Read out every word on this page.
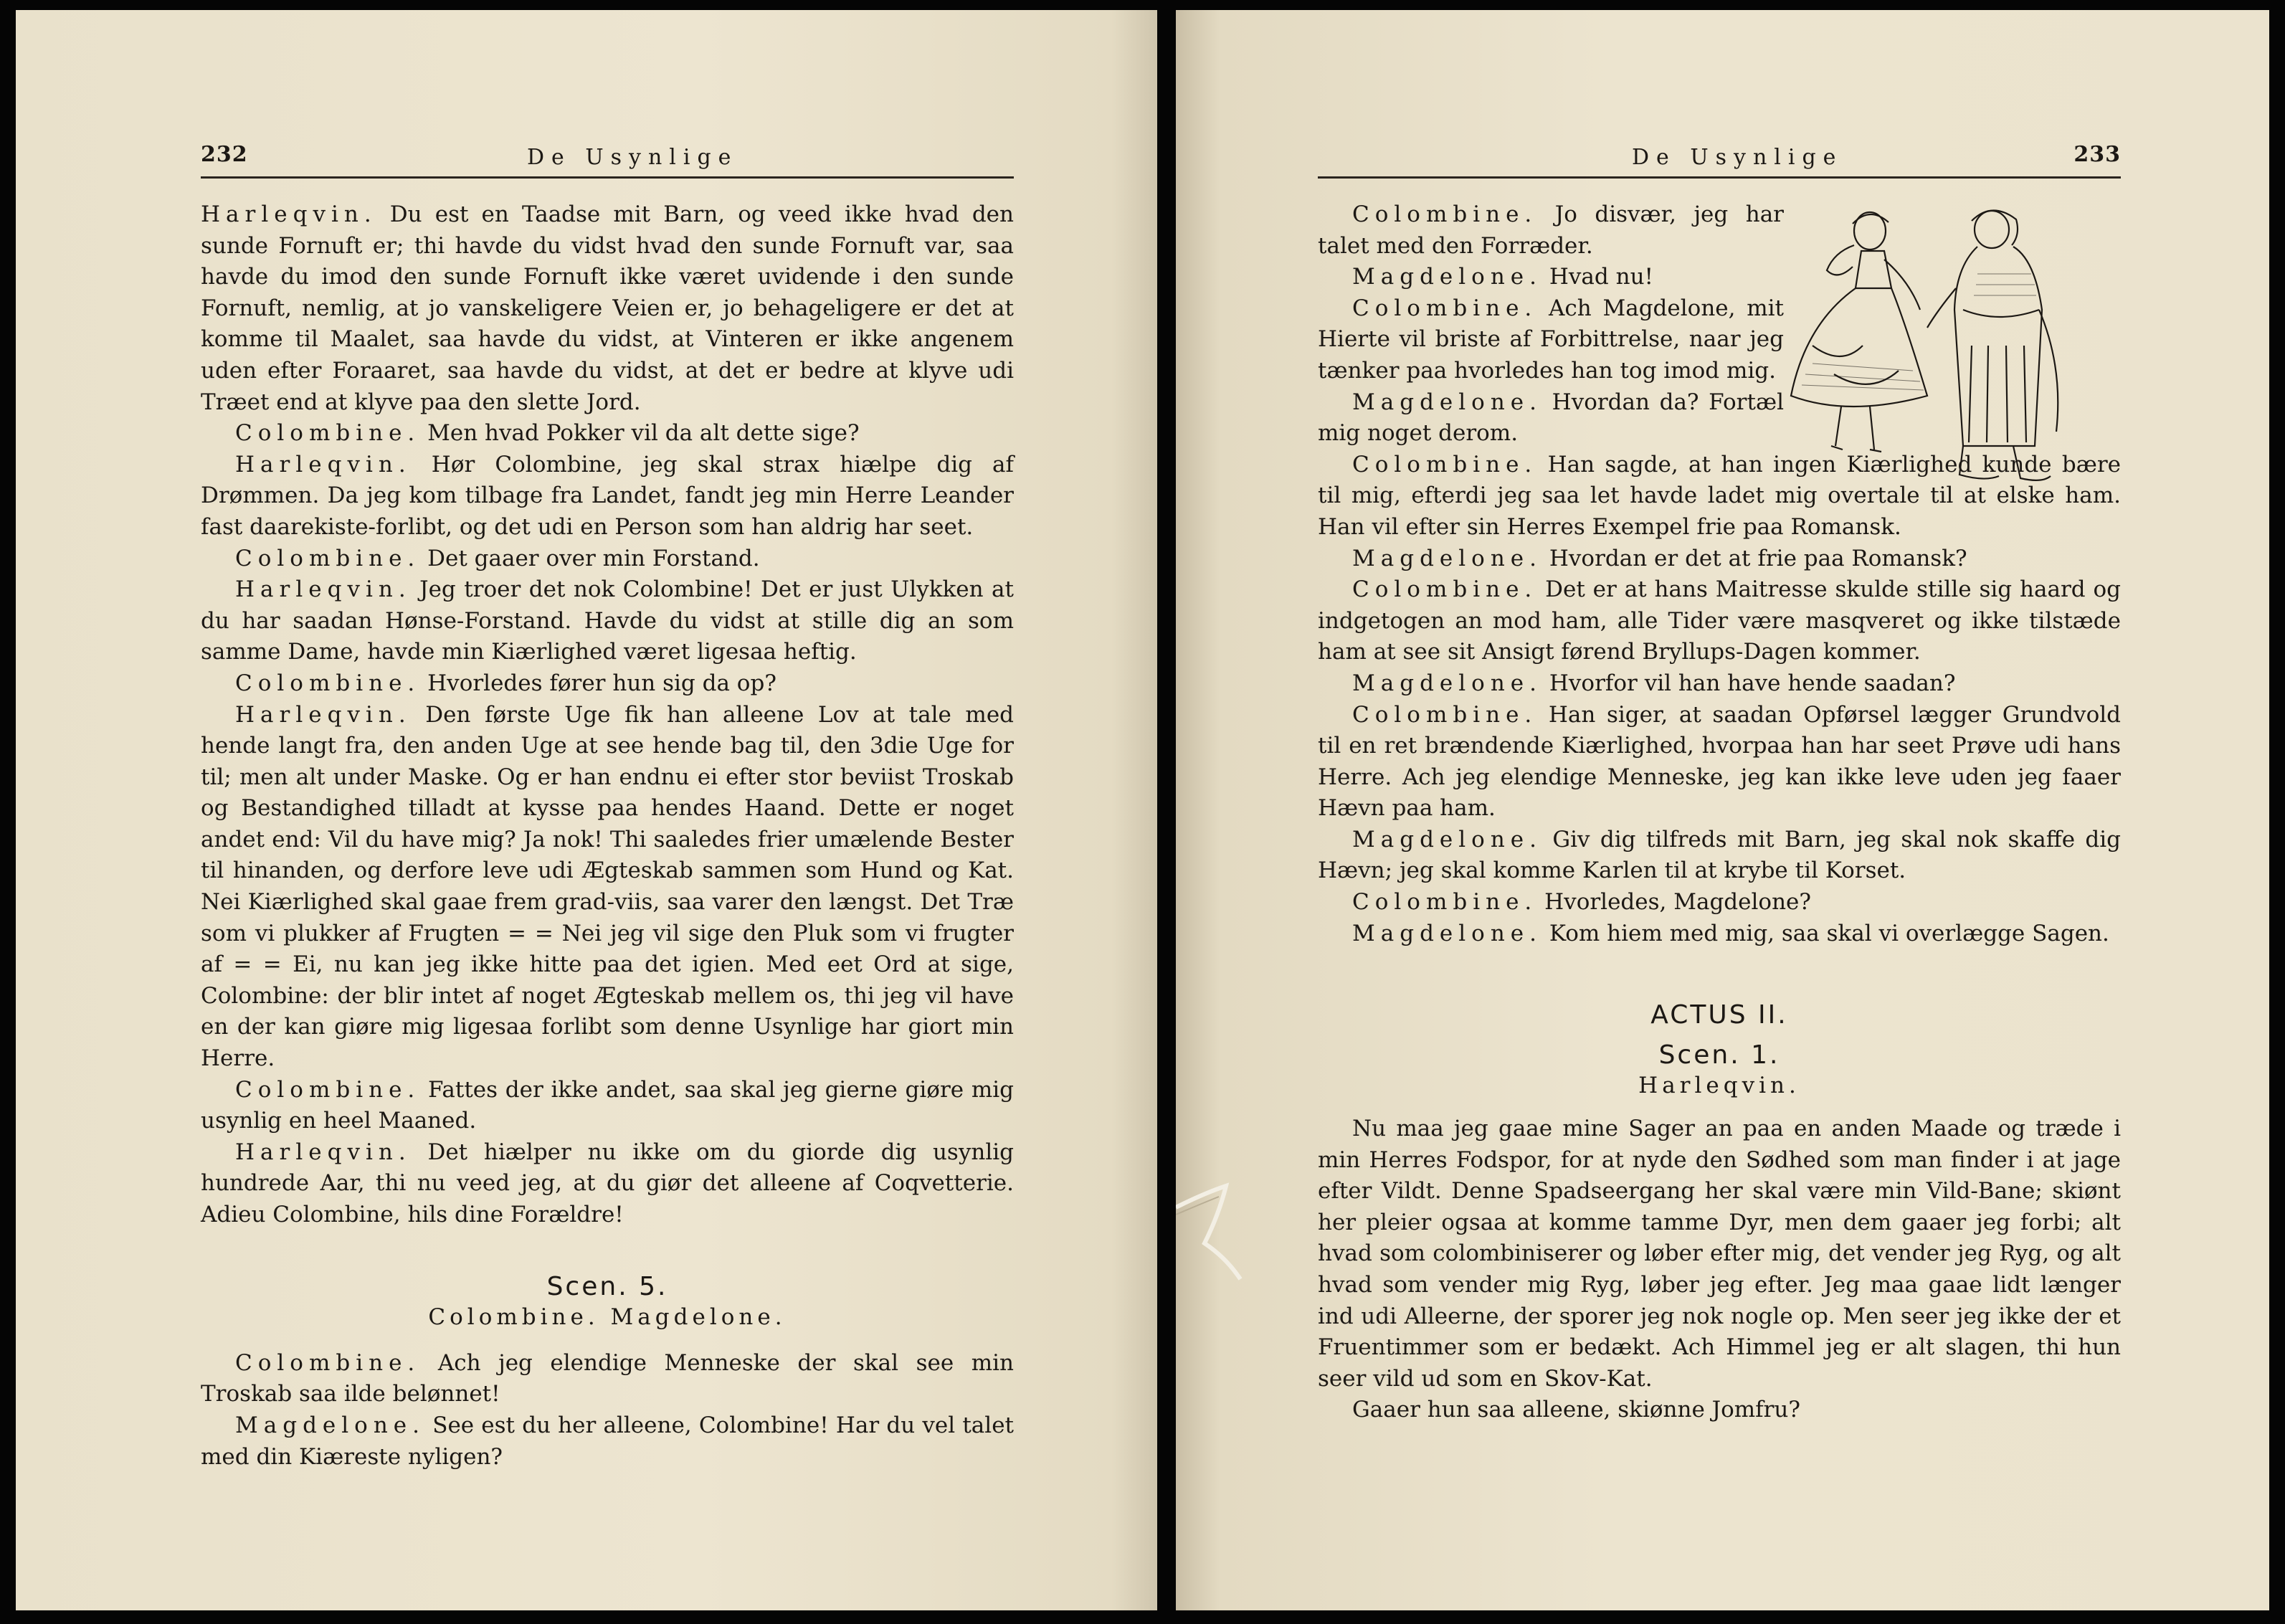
232	De Usynlige

Harleqvin. Du est en Taadse mit Barn, og veed ikke hvad den sunde Fornuft er; thi havde du vidst hvad den sunde Fornuft var, saa havde du imod den sunde Fornuft ikke været uvidende i den sunde Fornuft, nemlig, at jo vanskeligere Veien er, jo behageligere er det at komme til Maalet, saa havde du vidst, at Vinteren er ikke angenem uden efter Foraaret, saa havde du vidst, at det er bedre at klyve udi Træet end at klyve paa den slette Jord.

Colombine. Men hvad Pokker vil da alt dette sige?

Harleqvin. Hør Colombine, jeg skal strax hiælpe dig af Drømmen. Da jeg kom tilbage fra Landet, fandt jeg min Herre Leander fast daarekiste-forlibt, og det udi en Person som han aldrig har seet.

Colombine. Det gaaer over min Forstand.

Harleqvin. Jeg troer det nok Colombine! Det er just Ulykken at du har saadan Hønse-Forstand. Havde du vidst at stille dig an som samme Dame, havde min Kiærlighed været ligesaa heftig.

Colombine. Hvorledes fører hun sig da op?

Harleqvin. Den første Uge fik han alleene Lov at tale med hende langt fra, den anden Uge at see hende bag til, den 3die Uge for til; men alt under Maske. Og er han endnu ei efter stor beviist Troskab og Bestandighed tilladt at kysse paa hendes Haand. Dette er noget andet end: Vil du have mig? Ja nok! Thi saaledes frier umælende Bester til hinanden, og derfore leve udi Ægteskab sammen som Hund og Kat. Nei Kiærlighed skal gaae frem grad-viis, saa varer den længst. Det Træ som vi plukker af Frugten = = Nei jeg vil sige den Pluk som vi frugter af = = Ei, nu kan jeg ikke hitte paa det igien. Med eet Ord at sige, Colombine: der blir intet af noget Ægteskab mellem os, thi jeg vil have en der kan giøre mig ligesaa forlibt som denne Usynlige har giort min Herre.

Colombine. Fattes der ikke andet, saa skal jeg gierne giøre mig usynlig en heel Maaned.

Harleqvin. Det hiælper nu ikke om du giorde dig usynlig hundrede Aar, thi nu veed jeg, at du giør det alleene af Coqvetterie. Adieu Colombine, hils dine Forældre!

Scen. 5.

Colombine. Magdelone.

Colombine. Ach jeg elendige Menneske der skal see min Troskab saa ilde belønnet!

Magdelone. See est du her alleene, Colombine! Har du vel talet med din Kiæreste nyligen?

De Usynlige	233

Colombine. Jo disvær, jeg har talet med den Forræder.

Magdelone. Hvad nu!

Colombine. Ach Magdelone, mit Hierte vil briste af Forbittrelse, naar jeg tænker paa hvorledes han tog imod mig.

Magdelone. Hvordan da? Fortæl mig noget derom.

Colombine. Han sagde, at han ingen Kiærlighed kunde bære til mig, efterdi jeg saa let havde ladet mig overtale til at elske ham. Han vil efter sin Herres Exempel frie paa Romansk.

Magdelone. Hvordan er det at frie paa Romansk?

Colombine. Det er at hans Maitresse skulde stille sig haard og indgetogen an mod ham, alle Tider være masqveret og ikke tilstæde ham at see sit Ansigt førend Bryllups-Dagen kommer.

Magdelone. Hvorfor vil han have hende saadan?

Colombine. Han siger, at saadan Opførsel lægger Grundvold til en ret brændende Kiærlighed, hvorpaa han har seet Prøve udi hans Herre. Ach jeg elendige Menneske, jeg kan ikke leve uden jeg faaer Hævn paa ham.

Magdelone. Giv dig tilfreds mit Barn, jeg skal nok skaffe dig Hævn; jeg skal komme Karlen til at krybe til Korset.

Colombine. Hvorledes, Magdelone?

Magdelone. Kom hiem med mig, saa skal vi overlægge Sagen.

ACTUS II.

Scen. 1.

Harleqvin.

Nu maa jeg gaae mine Sager an paa en anden Maade og træde i min Herres Fodspor, for at nyde den Sødhed som man finder i at jage efter Vildt. Denne Spadseergang her skal være min Vild-Bane; skiønt her pleier ogsaa at komme tamme Dyr, men dem gaaer jeg forbi; alt hvad som colombiniserer og løber efter mig, det vender jeg Ryg, og alt hvad som vender mig Ryg, løber jeg efter. Jeg maa gaae lidt længer ind udi Alleerne, der sporer jeg nok nogle op. Men seer jeg ikke der et Fruentimmer som er bedækt. Ach Himmel jeg er alt slagen, thi hun seer vild ud som en Skov-Kat.

Gaaer hun saa alleene, skiønne Jomfru?
